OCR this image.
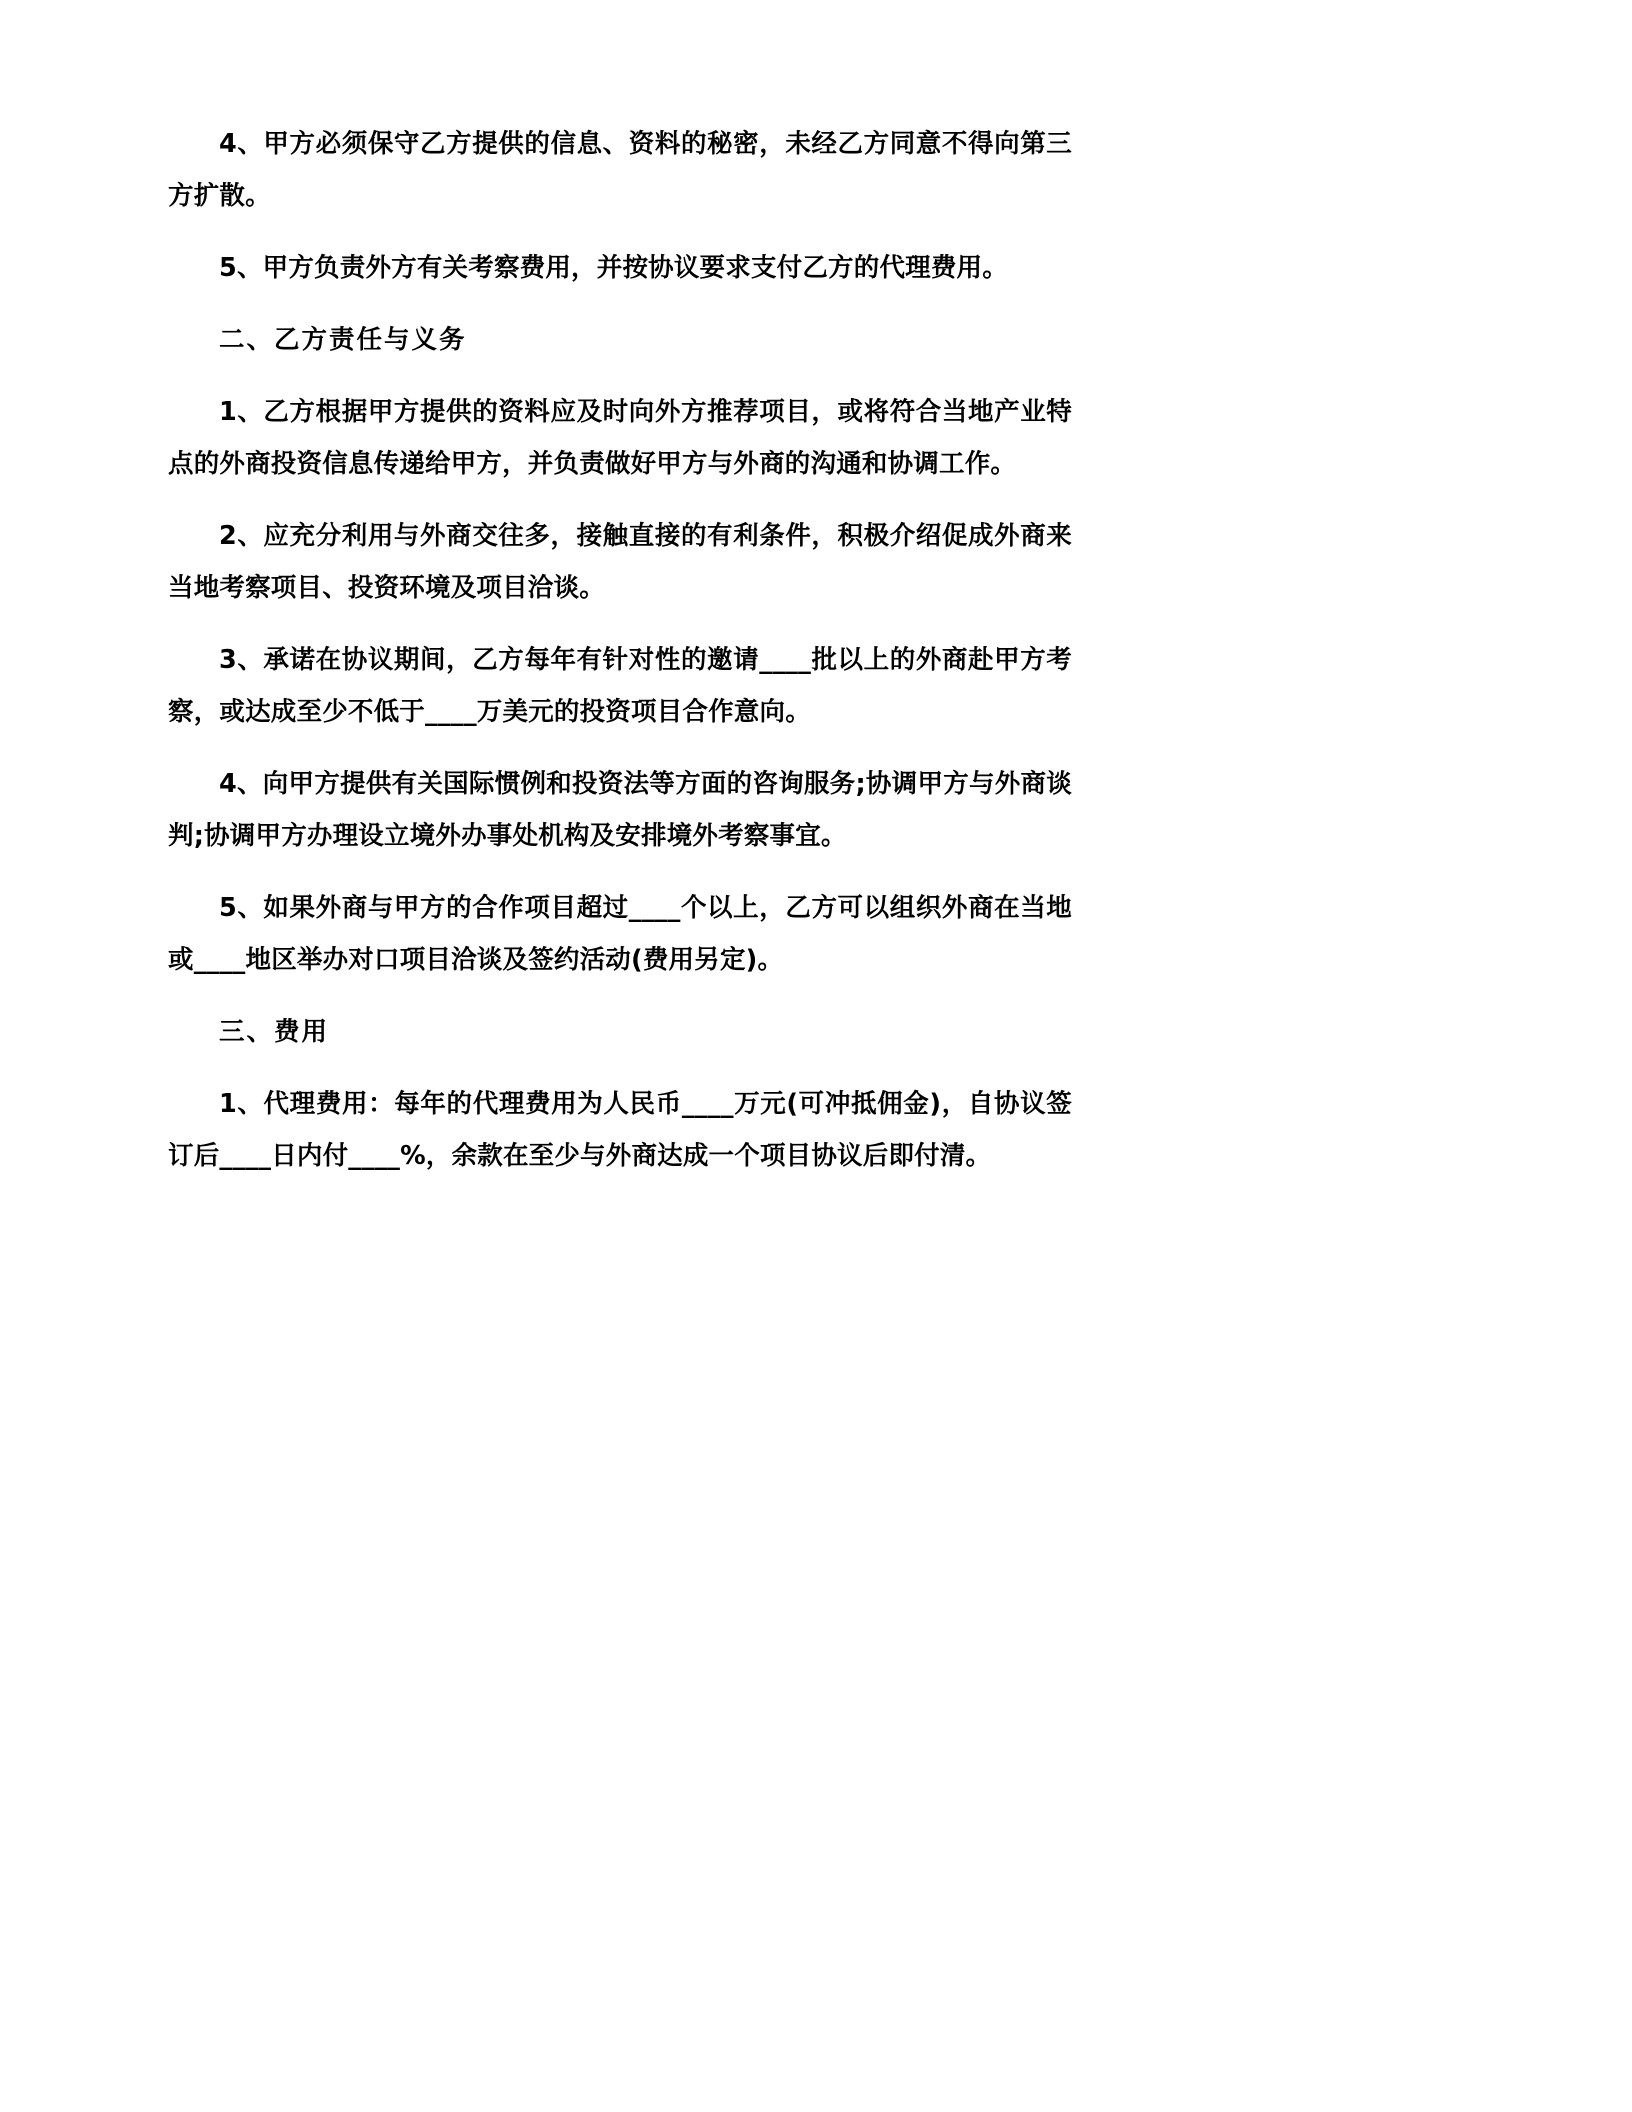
4、甲方必须保守乙方提供的信息、资料的秘密，未经乙方同意不得向第三方扩散。

5、甲方负责外方有关考察费用，并按协议要求支付乙方的代理费用。

二、乙方责任与义务

1、乙方根据甲方提供的资料应及时向外方推荐项目，或将符合当地产业特点的外商投资信息传递给甲方，并负责做好甲方与外商的沟通和协调工作。

2、应充分利用与外商交往多，接触直接的有利条件，积极介绍促成外商来当地考察项目、投资环境及项目洽谈。

3、承诺在协议期间，乙方每年有针对性的邀请____批以上的外商赴甲方考察，或达成至少不低于____万美元的投资项目合作意向。

4、向甲方提供有关国际惯例和投资法等方面的咨询服务;协调甲方与外商谈判;协调甲方办理设立境外办事处机构及安排境外考察事宜。

5、如果外商与甲方的合作项目超过____个以上，乙方可以组织外商在当地或____地区举办对口项目洽谈及签约活动(费用另定)。

三、费用

1、代理费用：每年的代理费用为人民币____万元(可冲抵佣金)，自协议签订后____日内付____%，余款在至少与外商达成一个项目协议后即付清。
